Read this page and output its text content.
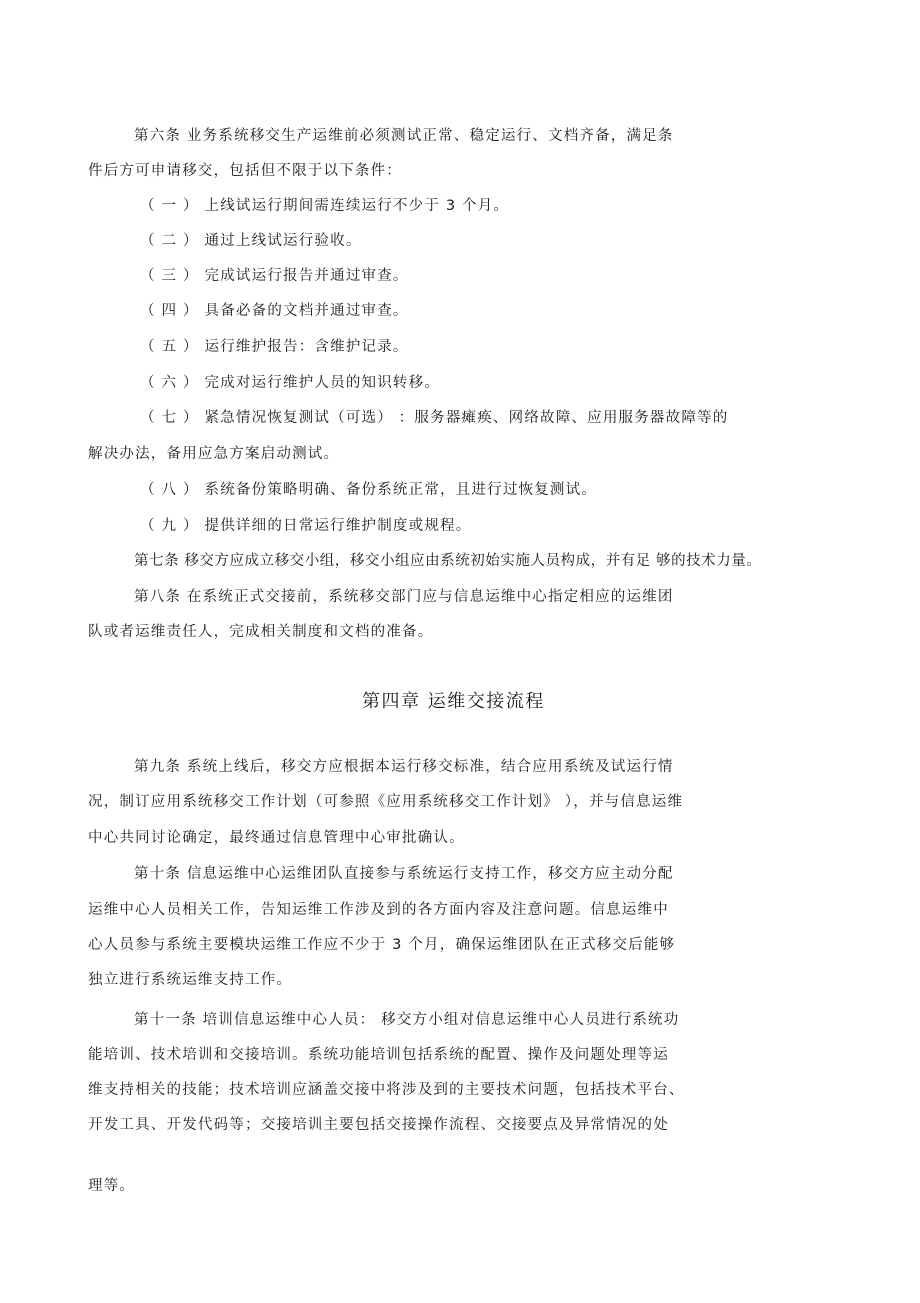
第六条 业务系统移交生产运维前必须测试正常、稳定运行、文档齐备，满足条
件后方可申请移交，包括但不限于以下条件：
（ 一 ） 上线试运行期间需连续运行不少于 3 个月。
（ 二 ） 通过上线试运行验收。
（ 三 ） 完成试运行报告并通过审查。
（ 四 ） 具备必备的文档并通过审查。
（ 五 ） 运行维护报告：含维护记录。
（ 六 ） 完成对运行维护人员的知识转移。
（ 七 ） 紧急情况恢复测试（可选） ：服务器瘫痪、网络故障、应用服务器故障等的
解决办法，备用应急方案启动测试。
（ 八 ） 系统备份策略明确、备份系统正常，且进行过恢复测试。
（ 九 ） 提供详细的日常运行维护制度或规程。
第七条 移交方应成立移交小组，移交小组应由系统初始实施人员构成，并有足 够的技术力量。
第八条 在系统正式交接前，系统移交部门应与信息运维中心指定相应的运维团
队或者运维责任人，完成相关制度和文档的准备。
第四章 运维交接流程
第九条 系统上线后，移交方应根据本运行移交标准，结合应用系统及试运行情
况，制订应用系统移交工作计划（可参照《应用系统移交工作计划》 ），并与信息运维
中心共同讨论确定，最终通过信息管理中心审批确认。
第十条 信息运维中心运维团队直接参与系统运行支持工作，移交方应主动分配
运维中心人员相关工作，告知运维工作涉及到的各方面内容及注意问题。信息运维中
心人员参与系统主要模块运维工作应不少于 3 个月，确保运维团队在正式移交后能够
独立进行系统运维支持工作。
第十一条 培训信息运维中心人员： 移交方小组对信息运维中心人员进行系统功
能培训、技术培训和交接培训。系统功能培训包括系统的配置、操作及问题处理等运
维支持相关的技能；技术培训应涵盖交接中将涉及到的主要技术问题，包括技术平台、
开发工具、开发代码等；交接培训主要包括交接操作流程、交接要点及异常情况的处
理等。
